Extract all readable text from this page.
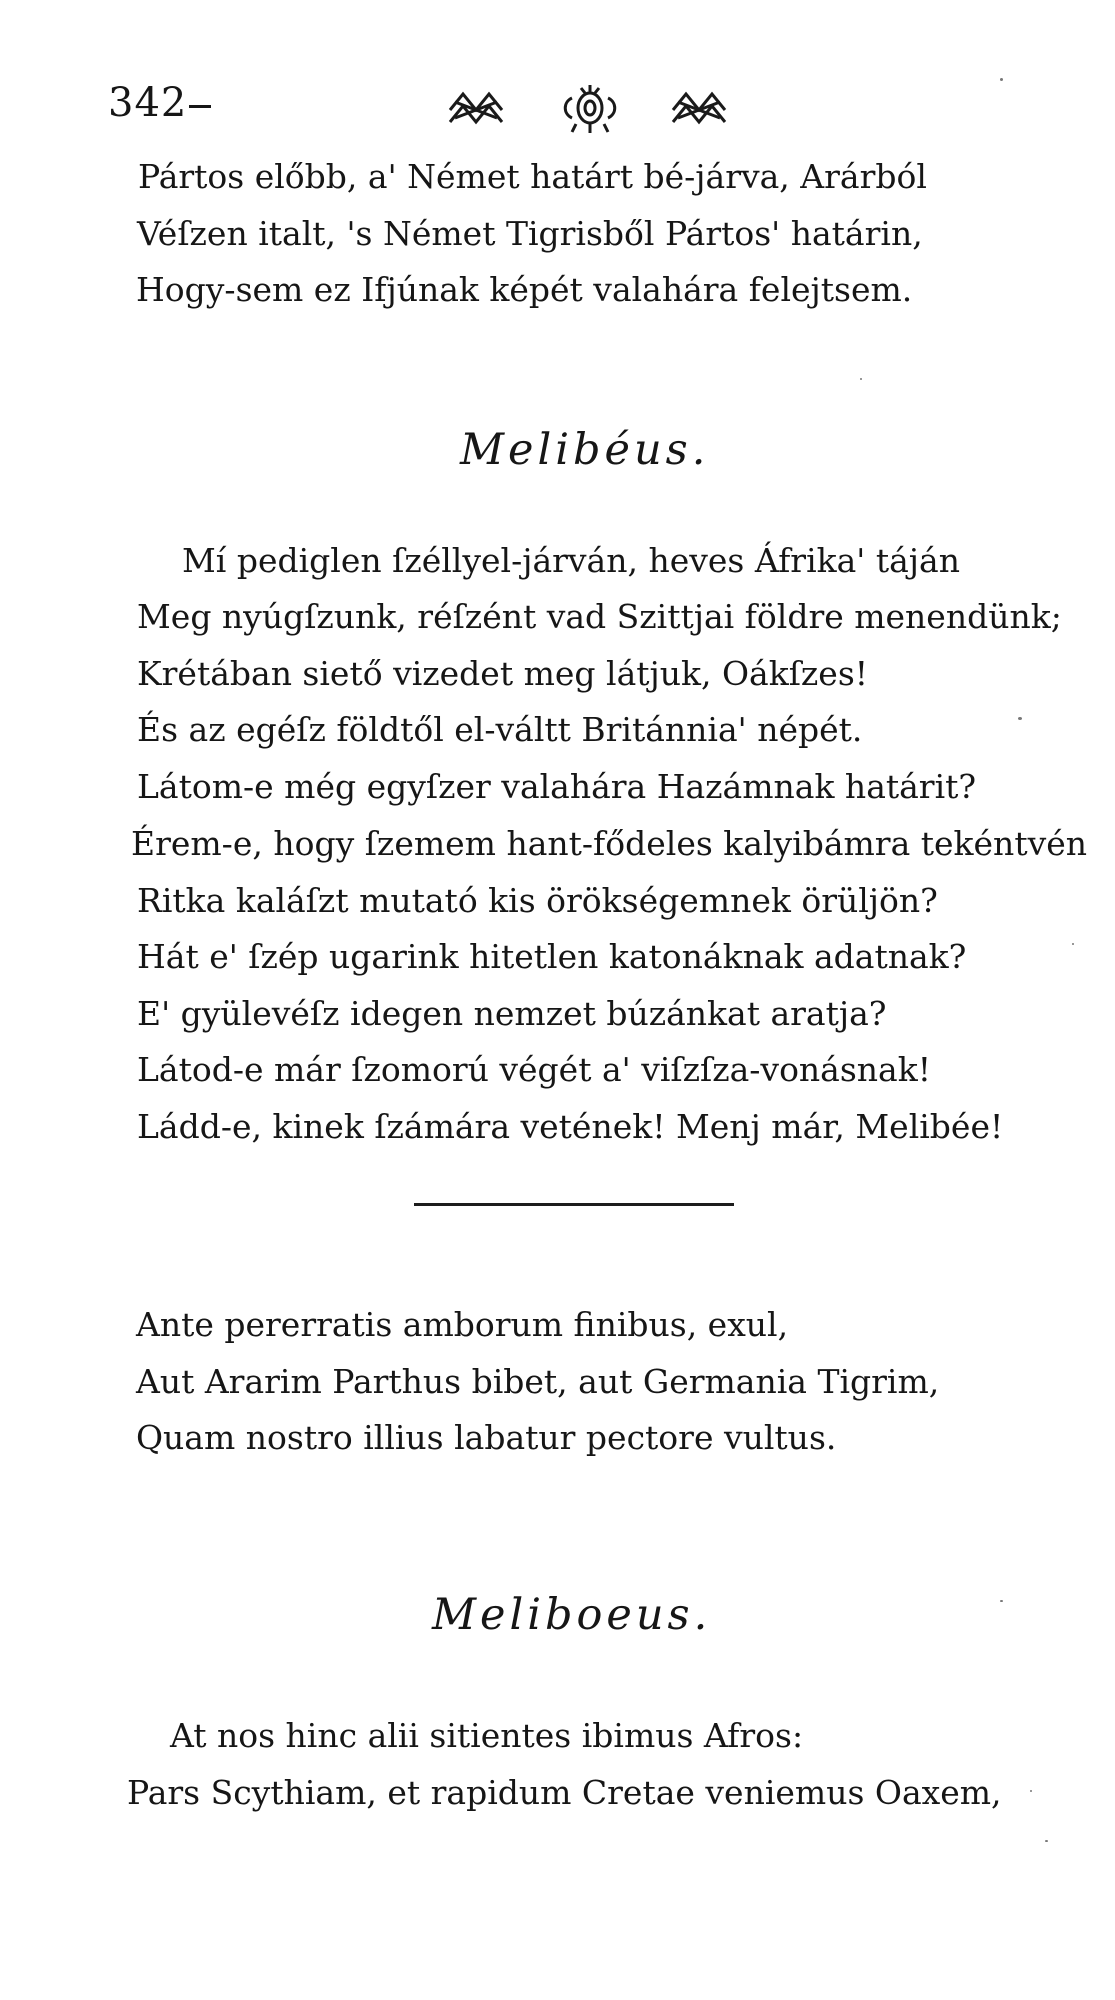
342
Pártos előbb, a' Német határt bé-járva, Arárból
Véſzen italt, 's Német Tigrisből Pártos' határin,
Hogy-sem ez Ifjúnak képét valahára felejtsem.
Melibéus.
Mí pediglen ſzéllyel-járván, heves Áfrika' táján
Meg nyúgſzunk, réſzént vad Szittjai földre menendünk;
Krétában siető vizedet meg látjuk, Oákſzes!
És az egéſz földtől el-váltt Británnia' népét.
Látom-e még egyſzer valahára Hazámnak határit?
Érem-e, hogy ſzemem hant-fődeles kalyibámra tekéntvén
Ritka kaláſzt mutató kis örökségemnek örüljön?
Hát e' ſzép ugarink hitetlen katonáknak adatnak?
E' gyülevéſz idegen nemzet búzánkat aratja?
Látod-e már ſzomorú végét a' viſzſza-vonásnak!
Ládd-e, kinek ſzámára vetének! Menj már, Melibée!
Ante pererratis amborum finibus, exul,
Aut Ararim Parthus bibet, aut Germania Tigrim,
Quam nostro illius labatur pectore vultus.
Meliboeus.
At nos hinc alii sitientes ibimus Afros:
Pars Scythiam, et rapidum Cretae veniemus Oaxem,
